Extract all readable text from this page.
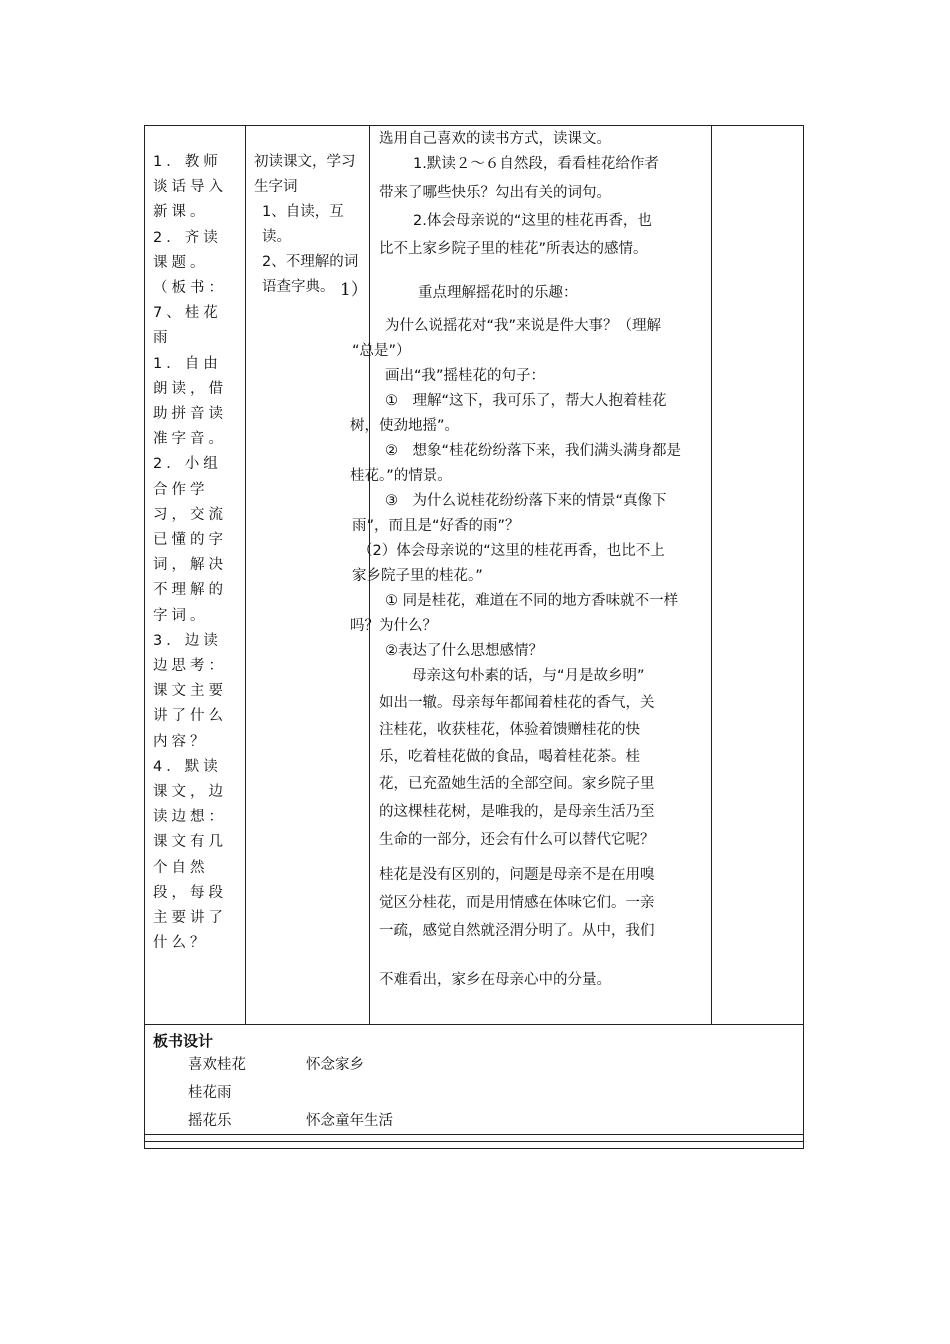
1．教师谈话导入新课。
2．齐读课题。（板书：
7、桂花雨
1．自由朗读，借助拼音读准字音。
2．小组合作学习，交流已懂的字词，解决不理解的字词。
3．边读边思考：课文主要讲了什么内容？
4．默读课文，边读边想：课文有几个自然段，每段主要讲了什么？
初读课文，学习生字词
1、自读，互读。
2、不理解的词语查字典。 1）
选用自己喜欢的读书方式，读课文。
1.默读２～６自然段，看看桂花给作者
带来了哪些快乐？勾出有关的词句。
2.体会母亲说的“这里的桂花再香，也
比不上家乡院子里的桂花”所表达的感情。
重点理解摇花时的乐趣：
为什么说摇花对“我”来说是件大事？（理解
“总是”）
画出“我”摇桂花的句子：
①　理解“这下，我可乐了，帮大人抱着桂花
树，使劲地摇”。
②　想象“桂花纷纷落下来，我们满头满身都是
桂花。”的情景。
③　为什么说桂花纷纷落下来的情景“真像下
雨”，而且是“好香的雨”？
（2）体会母亲说的“这里的桂花再香，也比不上
家乡院子里的桂花。”
① 同是桂花，难道在不同的地方香味就不一样
吗？为什么？
②表达了什么思想感情？
母亲这句朴素的话，与“月是故乡明”
如出一辙。母亲每年都闻着桂花的香气，关
注桂花，收获桂花，体验着馈赠桂花的快
乐，吃着桂花做的食品，喝着桂花茶。桂
花，已充盈她生活的全部空间。家乡院子里
的这棵桂花树，是唯我的，是母亲生活乃至
生命的一部分，还会有什么可以替代它呢？
桂花是没有区别的，问题是母亲不是在用嗅
觉区分桂花，而是用情感在体味它们。一亲
一疏，感觉自然就泾渭分明了。从中，我们
不难看出，家乡在母亲心中的分量。
板书设计
喜欢桂花	怀念家乡
桂花雨
摇花乐	怀念童年生活
